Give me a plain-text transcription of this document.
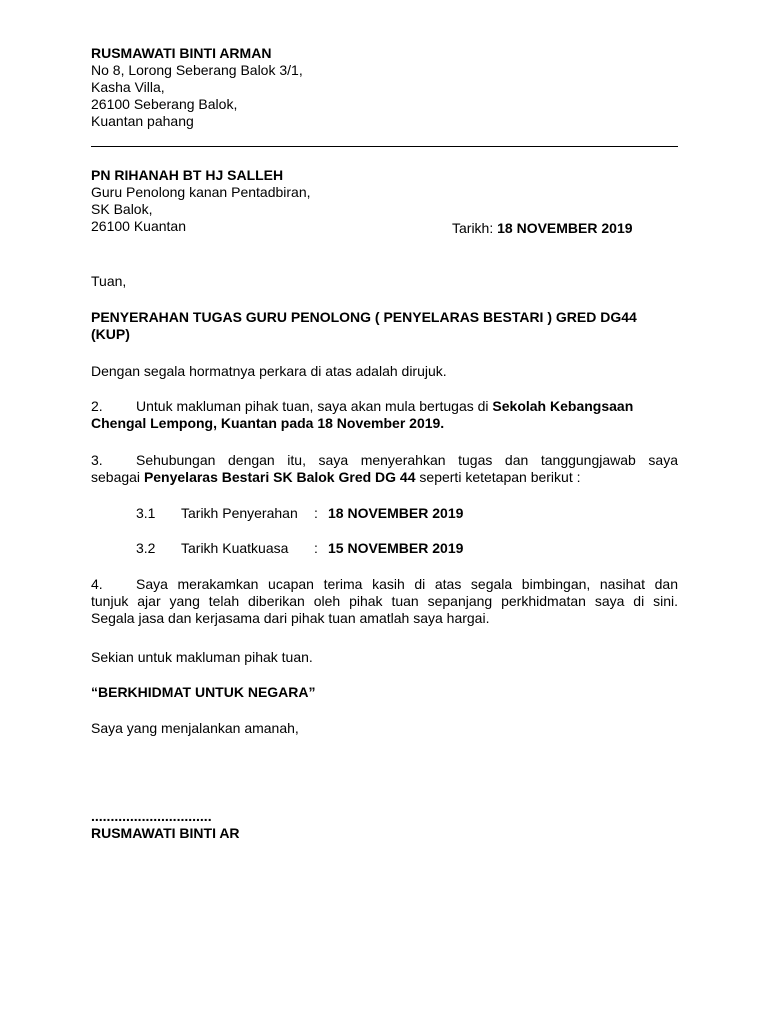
RUSMAWATI BINTI ARMAN
No 8, Lorong Seberang Balok 3/1,
Kasha Villa,
26100 Seberang Balok,
Kuantan pahang
PN RIHANAH BT HJ SALLEH
Guru Penolong kanan Pentadbiran,
SK Balok,
26100 Kuantan	Tarikh: 18 NOVEMBER 2019
Tuan,
PENYERAHAN TUGAS GURU PENOLONG ( PENYELARAS BESTARI ) GRED DG44
(KUP)
Dengan segala hormatnya perkara di atas adalah dirujuk.
2. Untuk makluman pihak tuan, saya akan mula bertugas di Sekolah Kebangsaan
Chengal Lempong, Kuantan pada 18 November 2019.
3.	Sehubungan dengan itu, saya menyerahkan tugas dan tanggungjawab saya
sebagai Penyelaras Bestari SK Balok Gred DG 44 seperti ketetapan berikut :
3.1 Tarikh Penyerahan : 18 NOVEMBER 2019
3.2 Tarikh Kuatkuasa : 15 NOVEMBER 2019
4.	Saya merakamkan ucapan terima kasih di atas segala bimbingan, nasihat dan
tunjuk ajar yang telah diberikan oleh pihak tuan sepanjang perkhidmatan saya di sini.
Segala jasa dan kerjasama dari pihak tuan amatlah saya hargai.
Sekian untuk makluman pihak tuan.
“BERKHIDMAT UNTUK NEGARA”
Saya yang menjalankan amanah,
...............................
RUSMAWATI BINTI AR
